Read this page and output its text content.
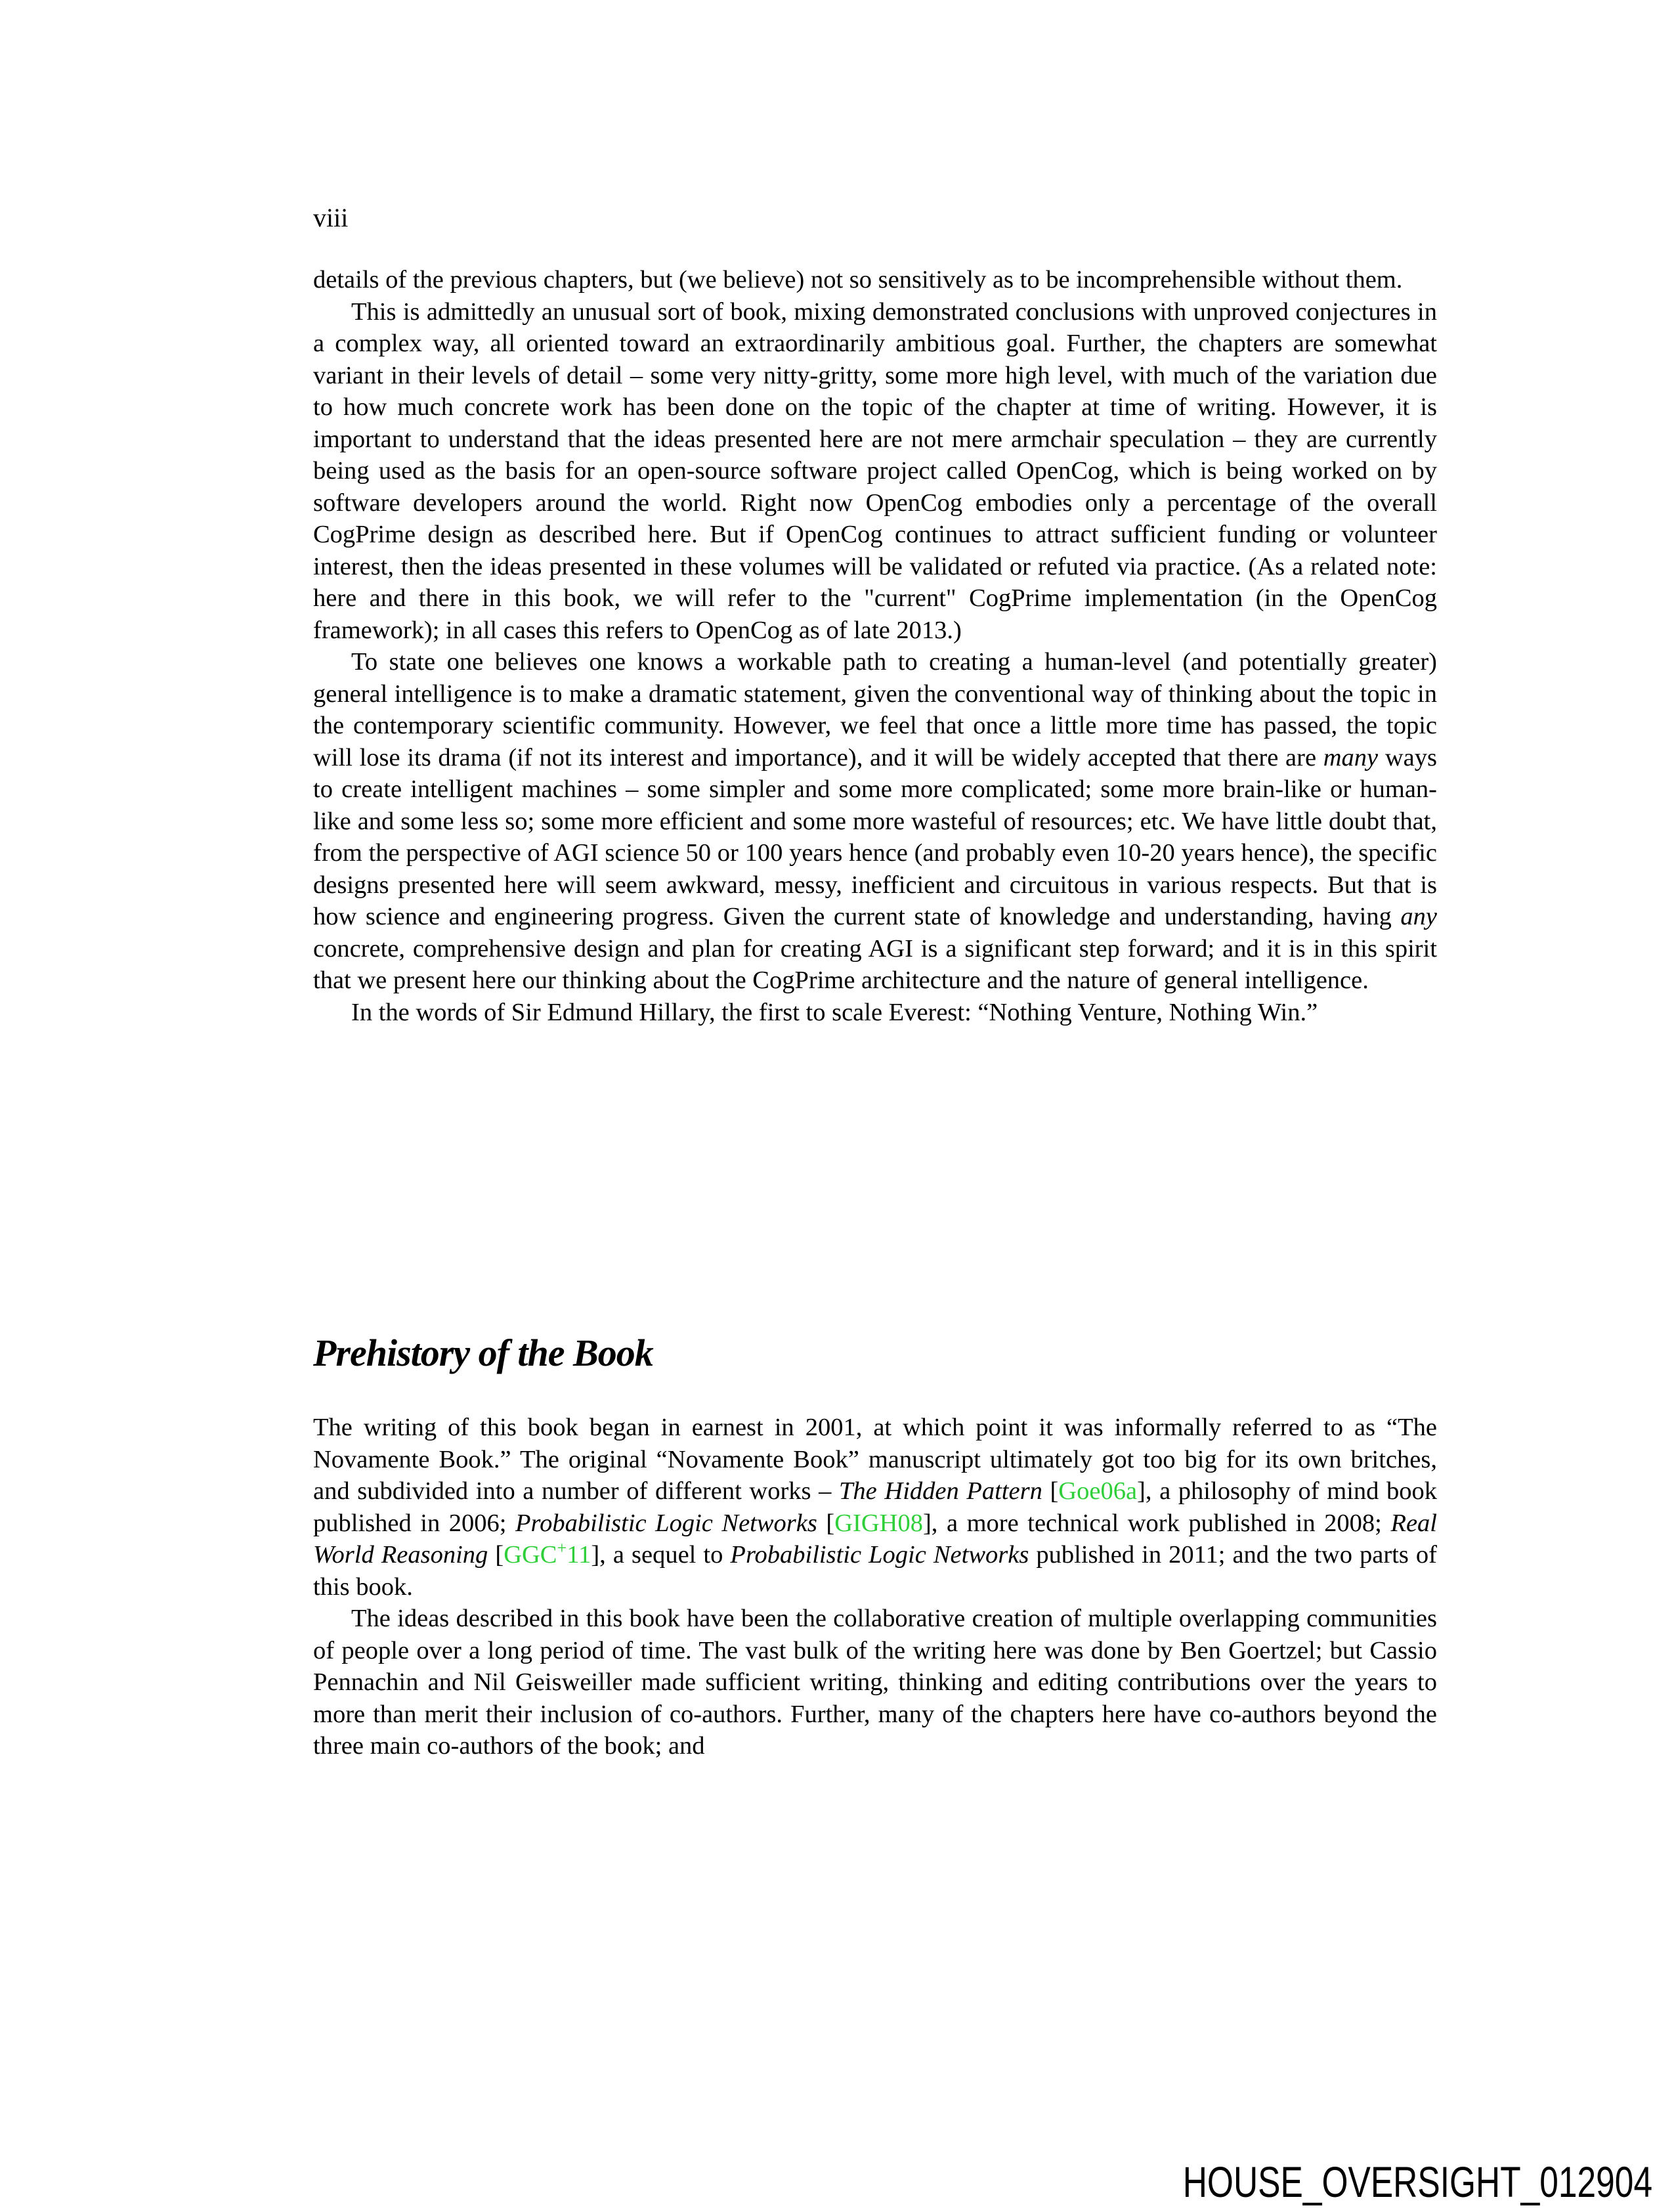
viii

details of the previous chapters, but (we believe) not so sensitively as to be incomprehensible without them.

This is admittedly an unusual sort of book, mixing demonstrated conclusions with unproved conjectures in a complex way, all oriented toward an extraordinarily ambitious goal. Further, the chapters are somewhat variant in their levels of detail – some very nitty-gritty, some more high level, with much of the variation due to how much concrete work has been done on the topic of the chapter at time of writing. However, it is important to understand that the ideas presented here are not mere armchair speculation – they are currently being used as the basis for an open-source software project called OpenCog, which is being worked on by software developers around the world. Right now OpenCog embodies only a percentage of the overall CogPrime design as described here. But if OpenCog continues to attract sufficient funding or volunteer interest, then the ideas presented in these volumes will be validated or refuted via practice. (As a related note: here and there in this book, we will refer to the "current" CogPrime implementation (in the OpenCog framework); in all cases this refers to OpenCog as of late 2013.)

To state one believes one knows a workable path to creating a human-level (and potentially greater) general intelligence is to make a dramatic statement, given the conventional way of thinking about the topic in the contemporary scientific community. However, we feel that once a little more time has passed, the topic will lose its drama (if not its interest and importance), and it will be widely accepted that there are many ways to create intelligent machines – some simpler and some more complicated; some more brain-like or human-like and some less so; some more efficient and some more wasteful of resources; etc. We have little doubt that, from the perspective of AGI science 50 or 100 years hence (and probably even 10-20 years hence), the specific designs presented here will seem awkward, messy, inefficient and circuitous in various respects. But that is how science and engineering progress. Given the current state of knowledge and understanding, having any concrete, comprehensive design and plan for creating AGI is a significant step forward; and it is in this spirit that we present here our thinking about the CogPrime architecture and the nature of general intelligence.

In the words of Sir Edmund Hillary, the first to scale Everest: “Nothing Venture, Nothing Win.”

Prehistory of the Book

The writing of this book began in earnest in 2001, at which point it was informally referred to as “The Novamente Book.” The original “Novamente Book” manuscript ultimately got too big for its own britches, and subdivided into a number of different works – The Hidden Pattern [Goe06a], a philosophy of mind book published in 2006; Probabilistic Logic Networks [GIGH08], a more technical work published in 2008; Real World Reasoning [GGC+11], a sequel to Probabilistic Logic Networks published in 2011; and the two parts of this book.

The ideas described in this book have been the collaborative creation of multiple overlapping communities of people over a long period of time. The vast bulk of the writing here was done by Ben Goertzel; but Cassio Pennachin and Nil Geisweiller made sufficient writing, thinking and editing contributions over the years to more than merit their inclusion of co-authors. Further, many of the chapters here have co-authors beyond the three main co-authors of the book; and

HOUSE_OVERSIGHT_012904
